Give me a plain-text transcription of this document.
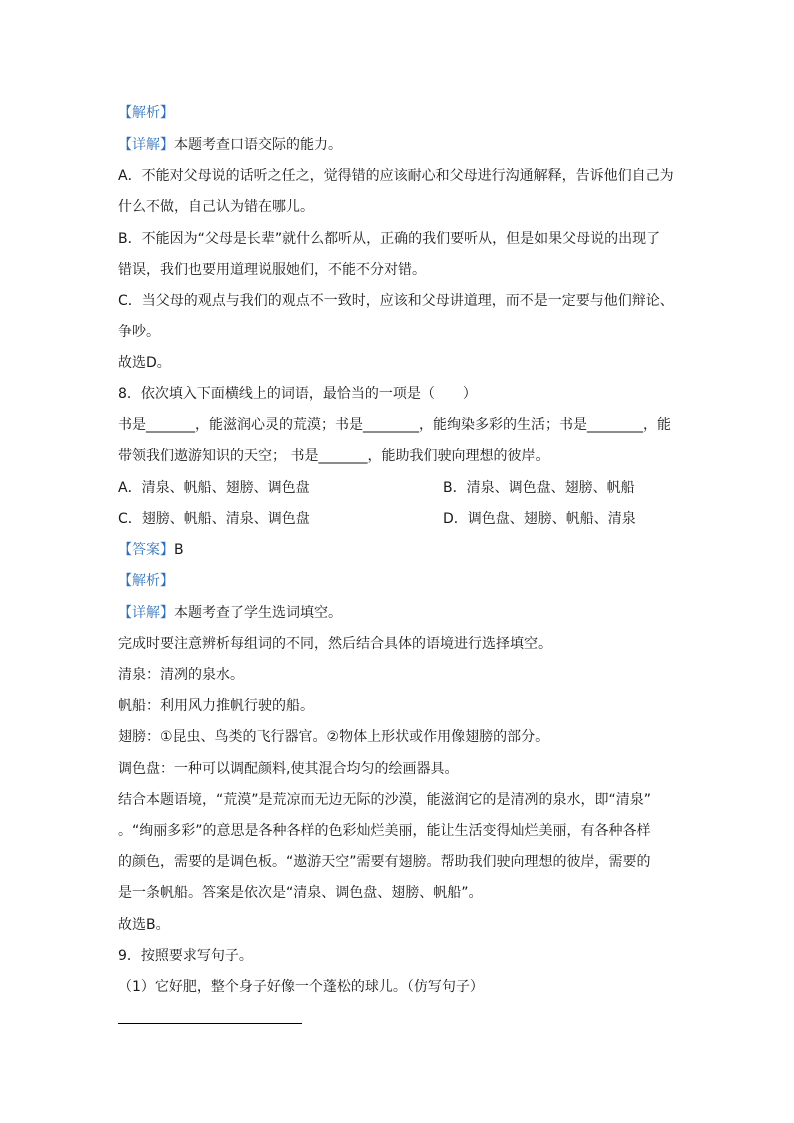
【解析】
【详解】本题考查口语交际的能力。
A．不能对父母说的话听之任之，觉得错的应该耐心和父母进行沟通解释，告诉他们自己为
什么不做，自己认为错在哪儿。
B．不能因为“父母是长辈”就什么都听从，正确的我们要听从，但是如果父母说的出现了
错误，我们也要用道理说服她们，不能不分对错。
C．当父母的观点与我们的观点不一致时，应该和父母讲道理，而不是一定要与他们辩论、
争吵。
故选D。
8．依次填入下面横线上的词语，最恰当的一项是（　　）
书是_______，能滋润心灵的荒漠；书是________，能绚染多彩的生活；书是________，能
带领我们遨游知识的天空； 书是_______，能助我们驶向理想的彼岸。
A．清泉、帆船、翅膀、调色盘	B．清泉、调色盘、翅膀、帆船
C．翅膀、帆船、清泉、调色盘	D．调色盘、翅膀、帆船、清泉
【答案】B
【解析】
【详解】本题考查了学生选词填空。
完成时要注意辨析每组词的不同，然后结合具体的语境进行选择填空。
清泉：清冽的泉水。
帆船：利用风力推帆行驶的船。
翅膀：①昆虫、鸟类的飞行器官。②物体上形状或作用像翅膀的部分。
调色盘：一种可以调配颜料,使其混合均匀的绘画器具。
结合本题语境，“荒漠”是荒凉而无边无际的沙漠，能滋润它的是清冽的泉水，即“清泉”
。“绚丽多彩”的意思是各种各样的色彩灿烂美丽，能让生活变得灿烂美丽，有各种各样
的颜色，需要的是调色板。“遨游天空”需要有翅膀。帮助我们驶向理想的彼岸，需要的
是一条帆船。答案是依次是“清泉、调色盘、翅膀、帆船”。
故选B。
9．按照要求写句子。
（1）它好肥，整个身子好像一个蓬松的球儿。（仿写句子）
